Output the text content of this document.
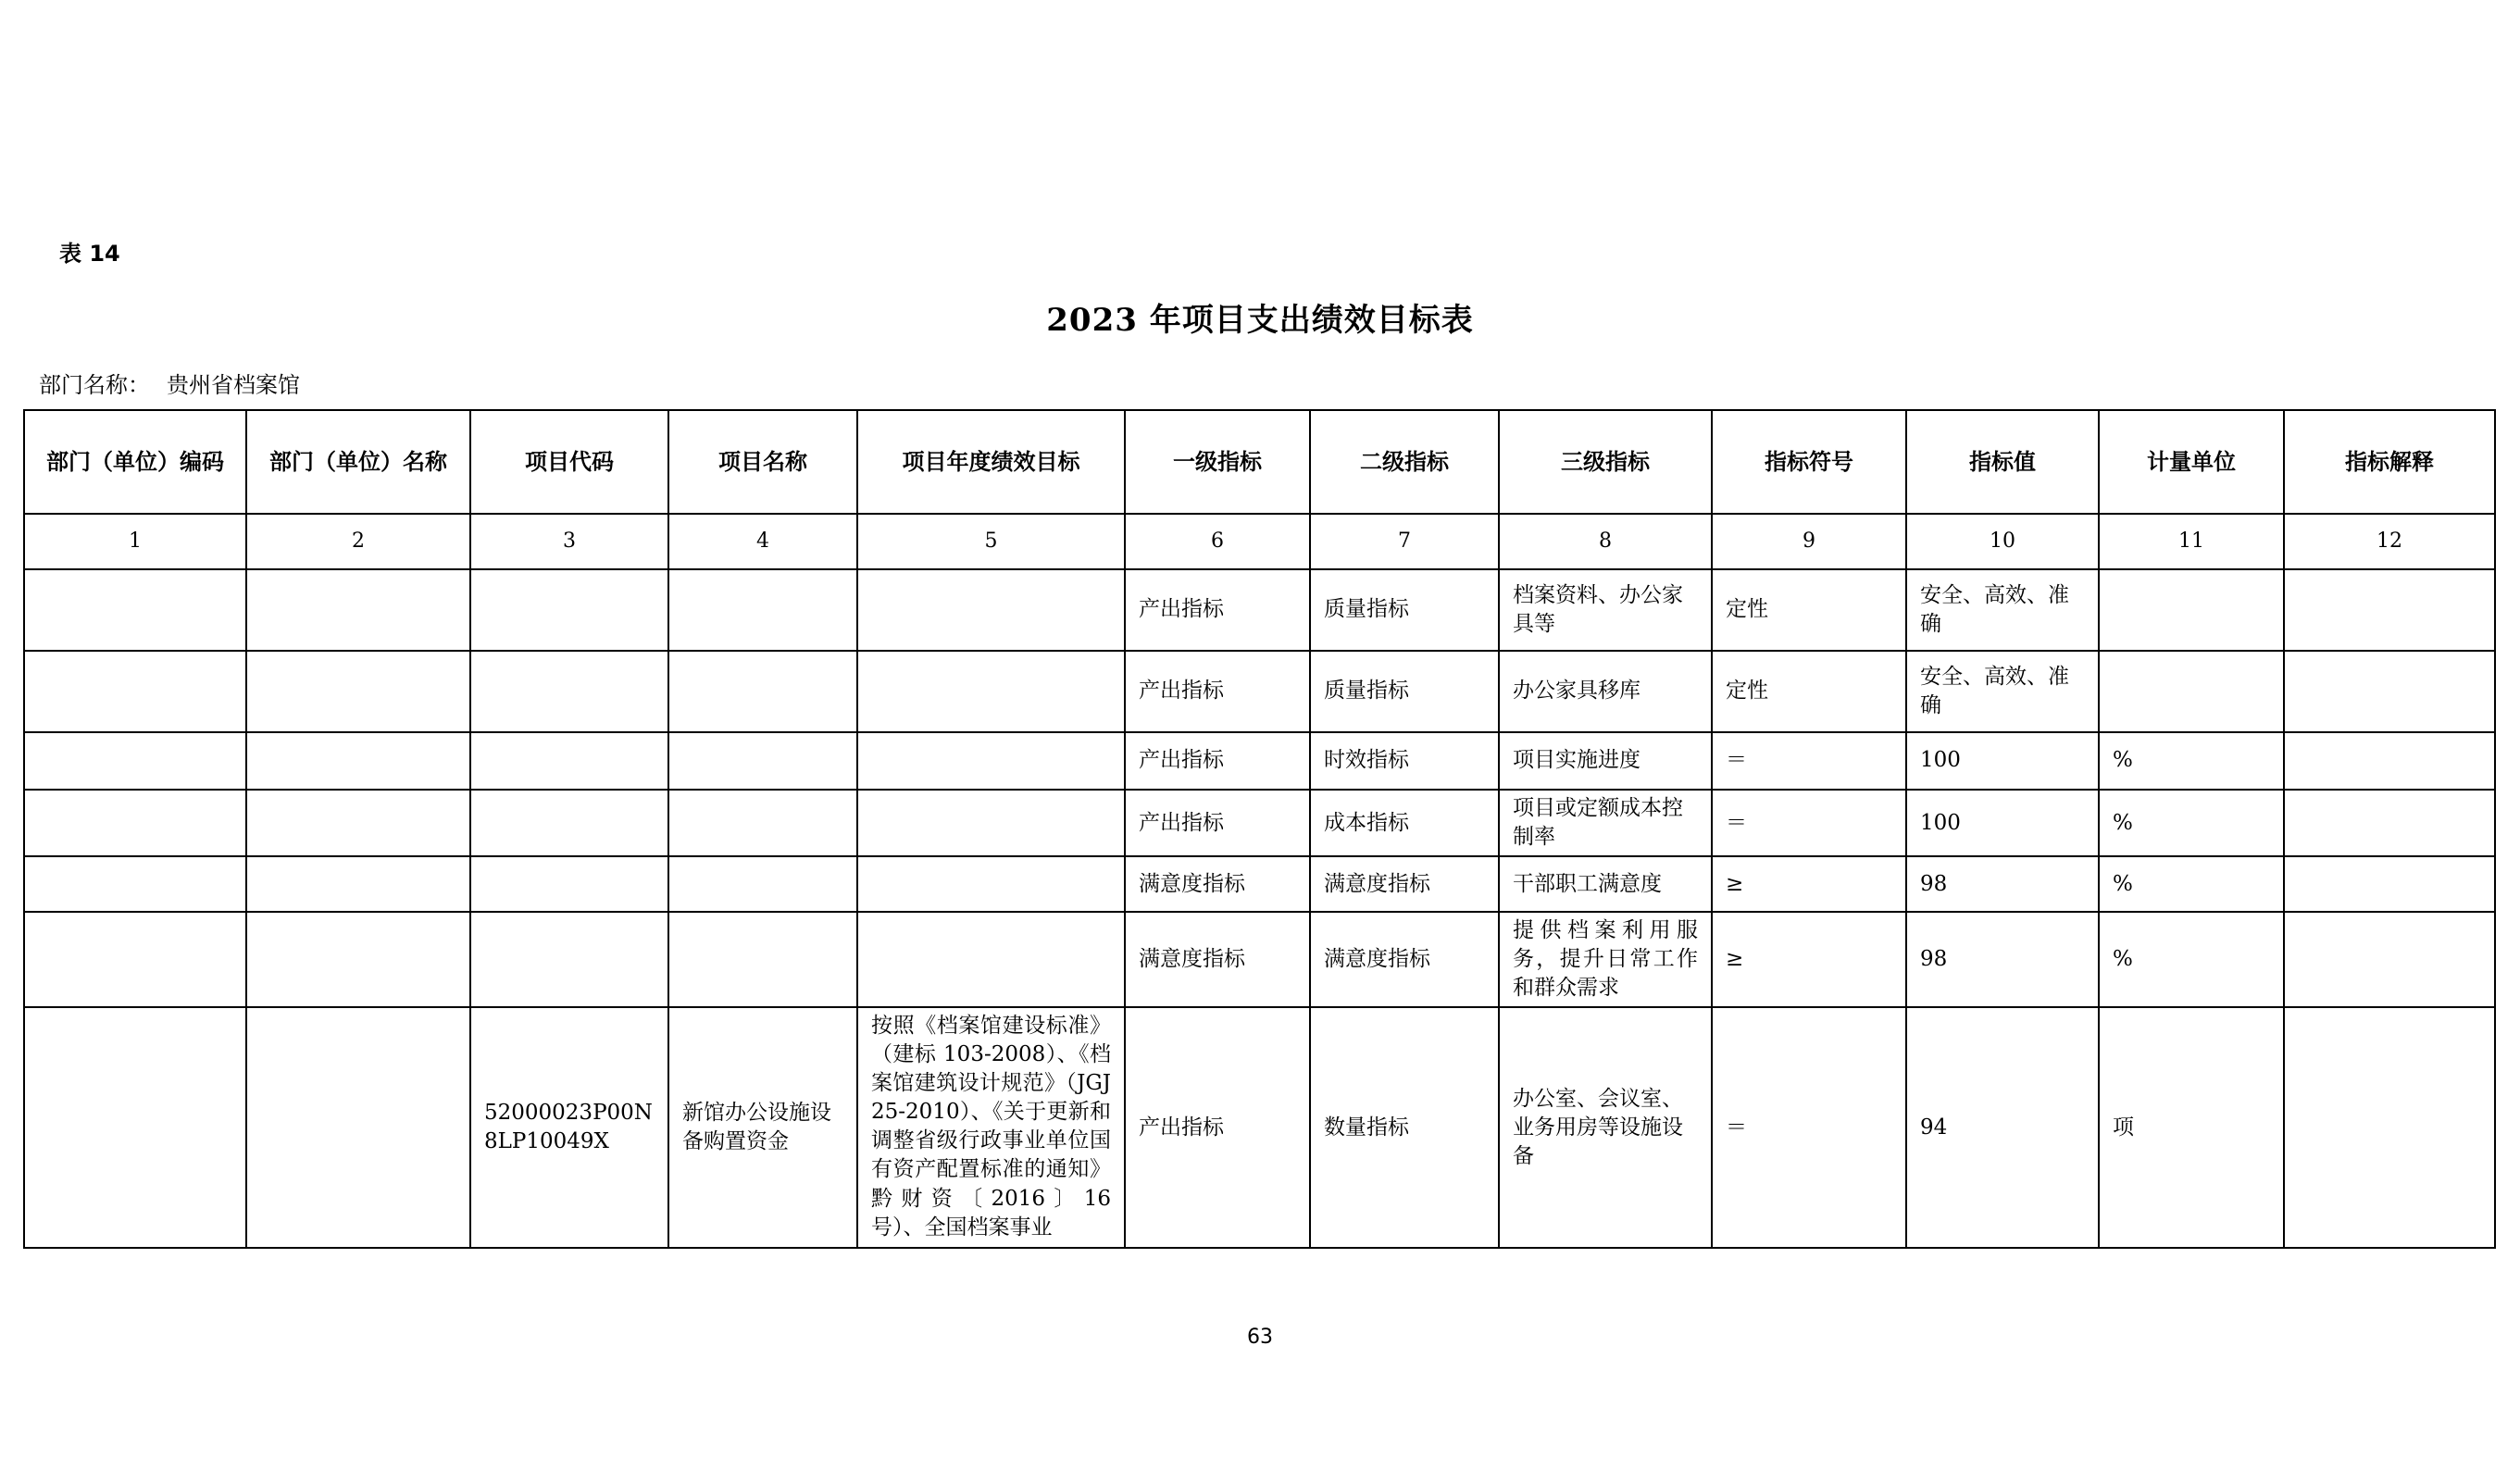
表 14
2023 年项目支出绩效目标表
部门名称： 贵州省档案馆
部门（单位）编码	部门（单位）名称	项目代码	项目名称	项目年度绩效目标	一级指标	二级指标	三级指标	指标符号	指标值	计量单位	指标解释
1	2	3	4	5	6	7	8	9	10	11	12
					产出指标	质量指标	档案资料、办公家具等	定性	安全、高效、准确		
					产出指标	质量指标	办公家具移库	定性	安全、高效、准确		
					产出指标	时效指标	项目实施进度	＝	100	%	
					产出指标	成本指标	项目或定额成本控制率	＝	100	%	
					满意度指标	满意度指标	干部职工满意度	≥	98	%	
					满意度指标	满意度指标	提供档案利用服务，提升日常工作和群众需求	≥	98	%	
		52000023P00N8LP10049X	新馆办公设施设备购置资金	按照《档案馆建设标准》（建标 103-2008）、《档案馆建筑设计规范》（JGJ25-2010）、《关于更新和调整省级行政事业单位国有资产配置标准的通知》黔财资〔2016〕16 号）、全国档案事业	产出指标	数量指标	办公室、会议室、业务用房等设施设备	＝	94	项	
63
